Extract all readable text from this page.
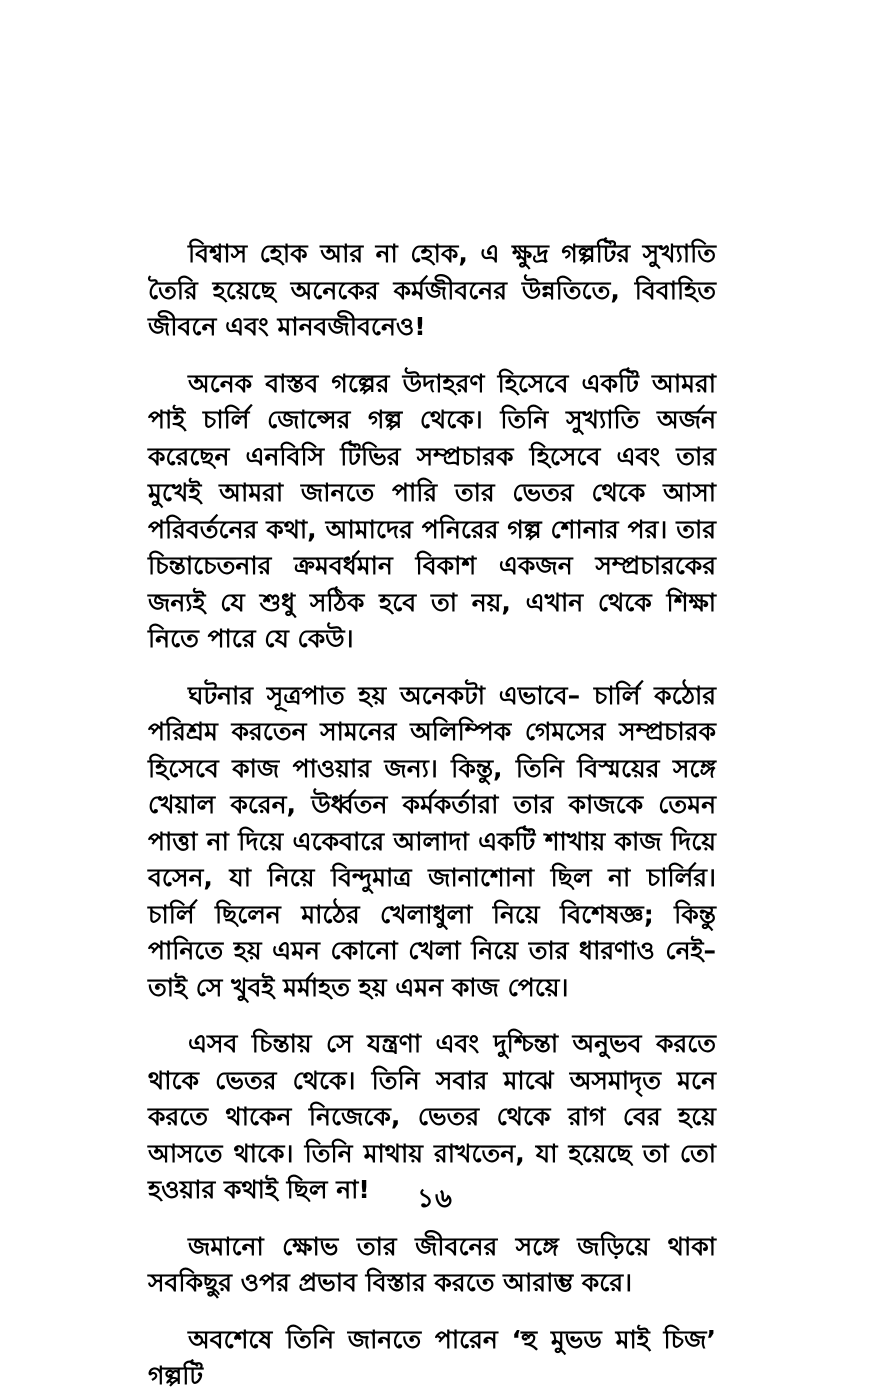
বিশ্বাস হোক আর না হোক, এ ক্ষুদ্র গল্পটির সুখ্যাতি তৈরি হয়েছে অনেকের কর্মজীবনের উন্নতিতে, বিবাহিত জীবনে এবং মানবজীবনেও!

অনেক বাস্তব গল্পের উদাহরণ হিসেবে একটি আমরা পাই চার্লি জোন্সের গল্প থেকে। তিনি সুখ্যাতি অর্জন করেছেন এনবিসি টিভির সম্প্রচারক হিসেবে এবং তার মুখেই আমরা জানতে পারি তার ভেতর থেকে আসা পরিবর্তনের কথা, আমাদের পনিরের গল্প শোনার পর। তার চিন্তাচেতনার ক্রমবর্ধমান বিকাশ একজন সম্প্রচারকের জন্যই যে শুধু সঠিক হবে তা নয়, এখান থেকে শিক্ষা নিতে পারে যে কেউ।

ঘটনার সূত্রপাত হয় অনেকটা এভাবে– চার্লি কঠোর পরিশ্রম করতেন সামনের অলিম্পিক গেমসের সম্প্রচারক হিসেবে কাজ পাওয়ার জন্য। কিন্তু, তিনি বিস্ময়ের সঙ্গে খেয়াল করেন, উর্ধ্বতন কর্মকর্তারা তার কাজকে তেমন পাত্তা না দিয়ে একেবারে আলাদা একটি শাখায় কাজ দিয়ে বসেন, যা নিয়ে বিন্দুমাত্র জানাশোনা ছিল না চার্লির। চার্লি ছিলেন মাঠের খেলাধুলা নিয়ে বিশেষজ্ঞ; কিন্তু পানিতে হয় এমন কোনো খেলা নিয়ে তার ধারণাও নেই– তাই সে খুবই মর্মাহত হয় এমন কাজ পেয়ে।

এসব চিন্তায় সে যন্ত্রণা এবং দুশ্চিন্তা অনুভব করতে থাকে ভেতর থেকে। তিনি সবার মাঝে অসমাদৃত মনে করতে থাকেন নিজেকে, ভেতর থেকে রাগ বের হয়ে আসতে থাকে। তিনি মাথায় রাখতেন, যা হয়েছে তা তো হওয়ার কথাই ছিল না!

জমানো ক্ষোভ তার জীবনের সঙ্গে জড়িয়ে থাকা সবকিছুর ওপর প্রভাব বিস্তার করতে আরাম্ভ করে।

অবশেষে তিনি জানতে পারেন ‘হু মুভড মাই চিজ’ গল্পটি

১৬
